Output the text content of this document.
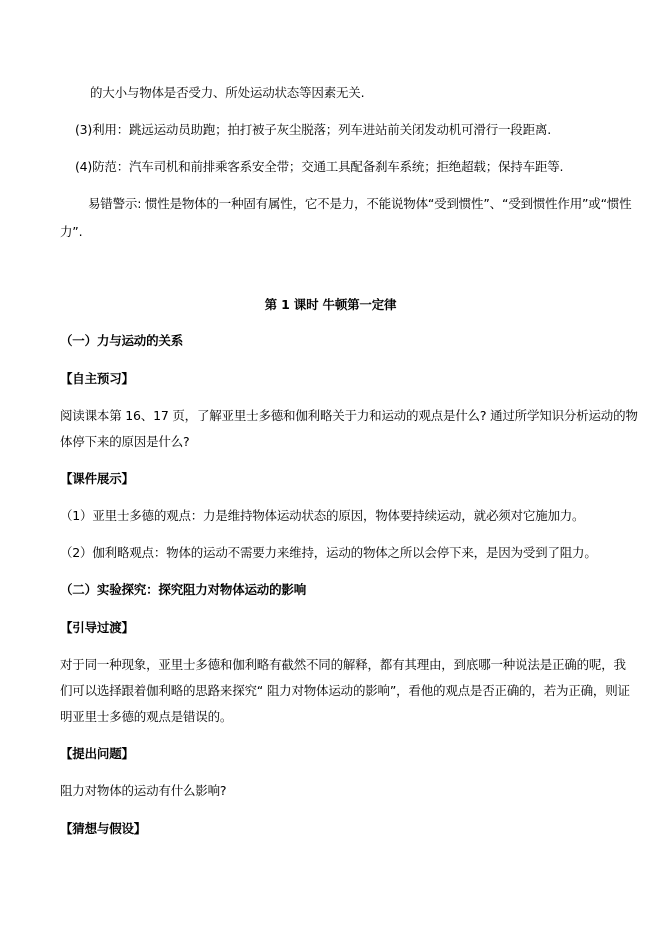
的大小与物体是否受力、所处运动状态等因素无关.
(3)利用：跳远运动员助跑；拍打被子灰尘脱落；列车进站前关闭发动机可滑行一段距离.
(4)防范：汽车司机和前排乘客系安全带；交通工具配备刹车系统；拒绝超载；保持车距等.
易错警示: 惯性是物体的一种固有属性，它不是力，不能说物体“受到惯性”、“受到惯性作用”或“惯性
力”.
第 1 课时 牛顿第一定律
（一）力与运动的关系
【自主预习】
阅读课本第 16、17 页，了解亚里士多德和伽利略关于力和运动的观点是什么? 通过所学知识分析运动的物
体停下来的原因是什么?
【课件展示】
（1）亚里士多德的观点：力是维持物体运动状态的原因，物体要持续运动，就必须对它施加力。
（2）伽利略观点：物体的运动不需要力来维持，运动的物体之所以会停下来，是因为受到了阻力。
（二）实验探究：探究阻力对物体运动的影响
【引导过渡】
对于同一种现象，亚里士多德和伽利略有截然不同的解释，都有其理由，到底哪一种说法是正确的呢，我
们可以选择跟着伽利略的思路来探究“ 阻力对物体运动的影响”，看他的观点是否正确的，若为正确，则证
明亚里士多德的观点是错误的。
【提出问题】
阻力对物体的运动有什么影响?
【猜想与假设】
